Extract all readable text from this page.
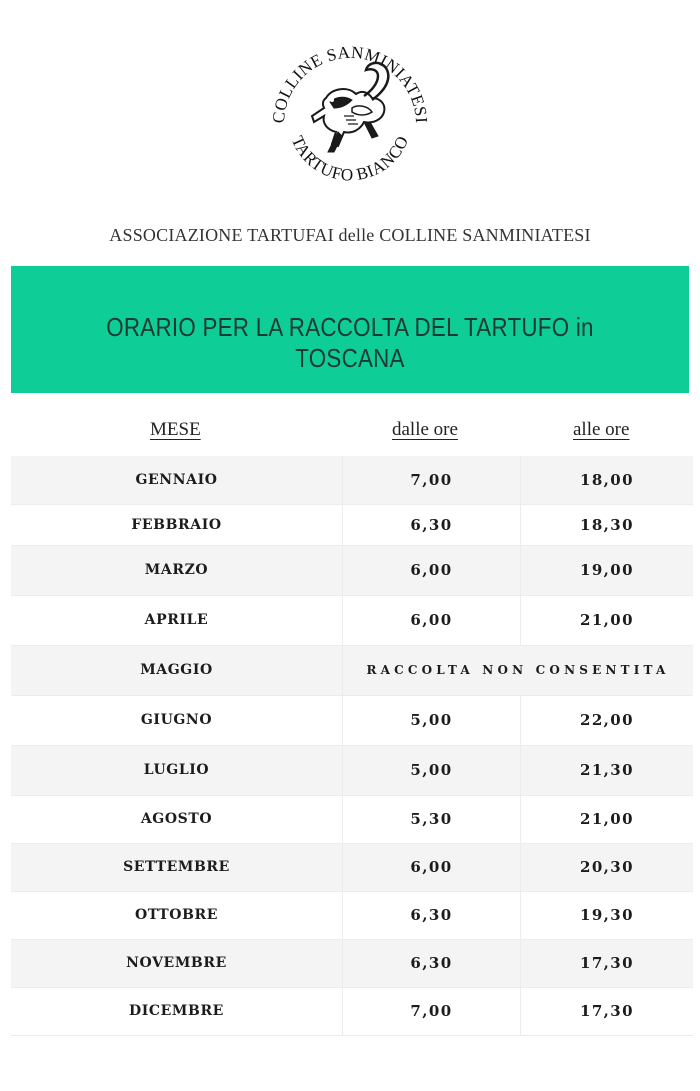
COLLINE SANMINIATESI
TARTUFO BIANCO
ASSOCIAZIONE TARTUFAI delle COLLINE SANMINIATESI
ORARIO PER LA RACCOLTA DEL TARTUFO in TOSCANA
MESE	dalle ore	alle ore
GENNAIO	7,00	18,00
FEBBRAIO	6,30	18,30
MARZO	6,00	19,00
APRILE	6,00	21,00
MAGGIO	RACCOLTA NON CONSENTITA	
GIUGNO	5,00	22,00
LUGLIO	5,00	21,30
AGOSTO	5,30	21,00
SETTEMBRE	6,00	20,30
OTTOBRE	6,30	19,30
NOVEMBRE	6,30	17,30
DICEMBRE	7,00	17,30
